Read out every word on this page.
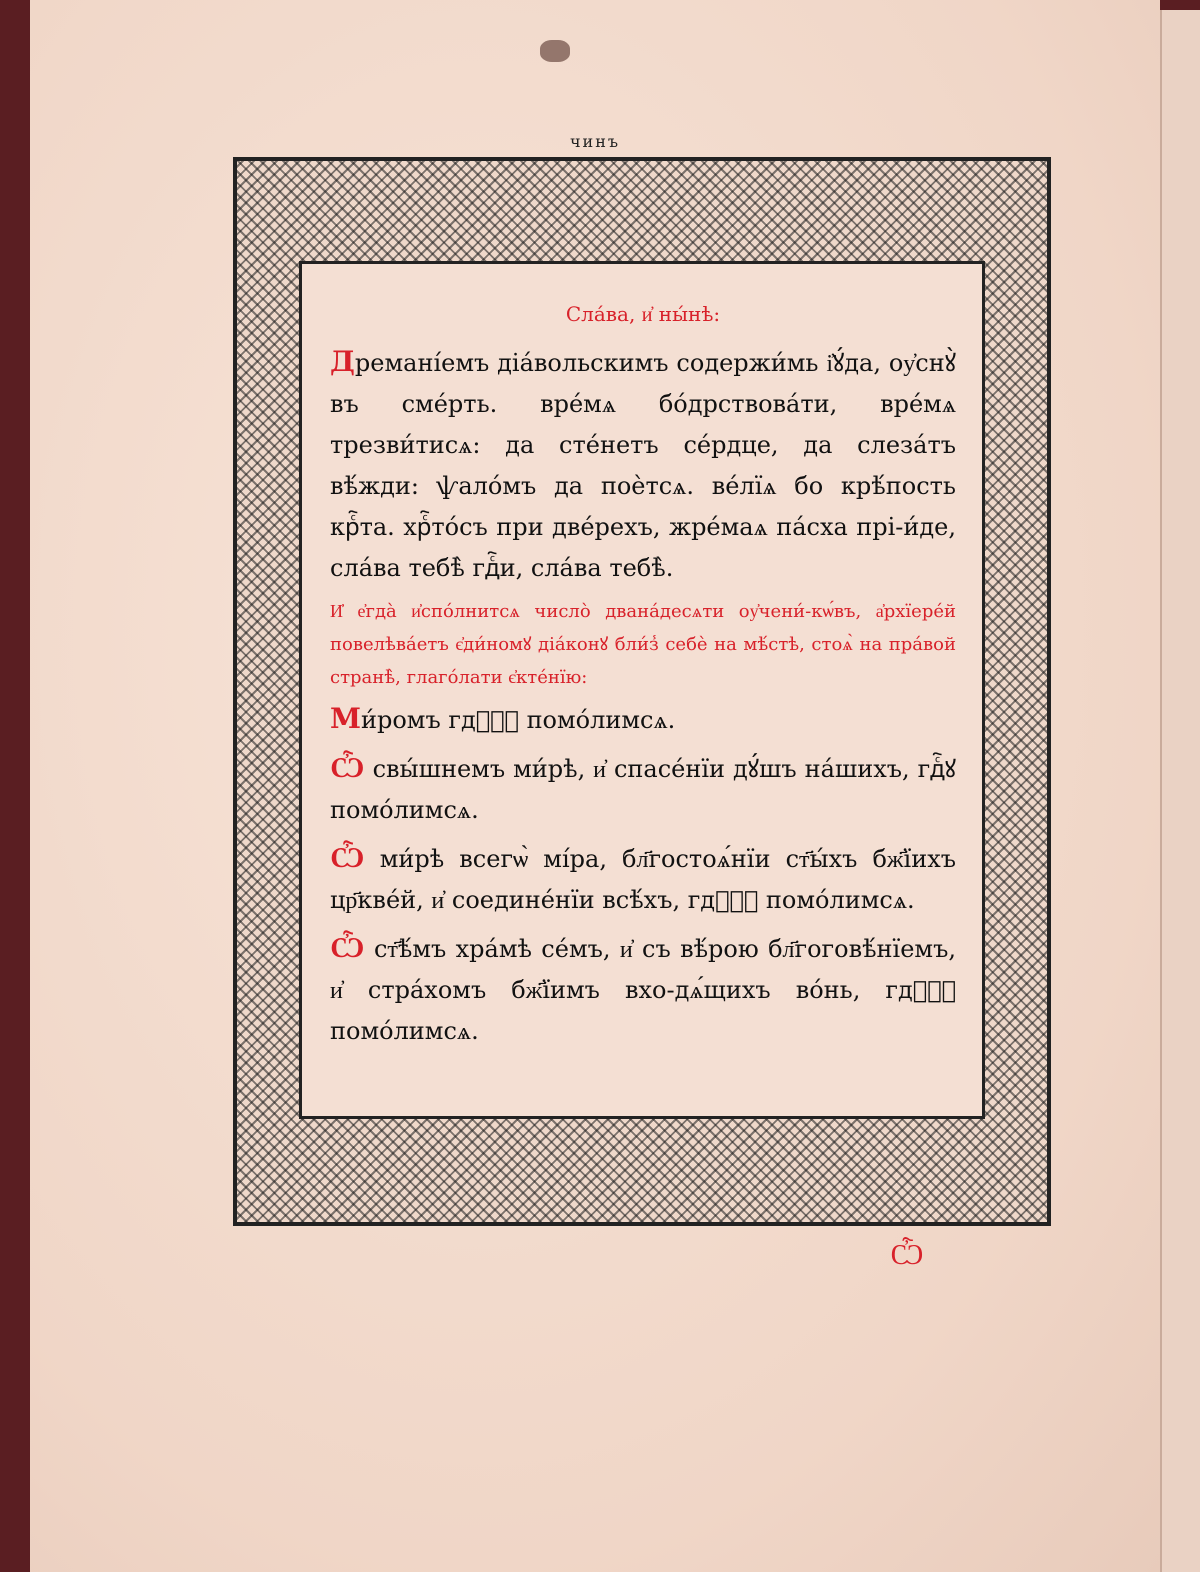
чинъ

Сла́ва, и҆ ны́нѣ:

Дремані́емъ діа́вольскимъ содержи́мь і҆ꙋ́да, оу҆снꙋ̀ въ сме́рть. вре́мѧ бо́дрствова́ти, вре́мѧ трезви́тисѧ: да сте́нетъ се́рдце, да слеза́тъ вѣ́жди: ѱало́мъ да поѐтсѧ. ве́лїѧ бо крѣ́пость крⷭ҇та. хрⷭ҇то́съ при две́рехъ, жре́маѧ па́сха прі-и́де, сла́ва тебѣ̀ гдⷭ҇и, сла́ва тебѣ̀.

И҆ е҆гда̀ и҆спо́лнитсѧ число̀ двана́десѧти оу҆чени́-кѡ́въ, а҆рхїере́й повелѣва́етъ є҆ди́номꙋ діа́конꙋ бли́з̾ себѐ на мѣ́стѣ, стоѧ̀ на пра́вой странѣ̀, глаго́лати є҆кте́нїю:

Ми́ромъ гдⷭ҇ꙋ помо́лимсѧ.

Ѽ свы́шнемъ ми́рѣ, и҆ спасе́нїи дꙋ́шъ на́шихъ, гдⷭ҇ꙋ помо́лимсѧ.

Ѽ ми́рѣ всегѡ̀ мі́ра, бл҃гостоѧ́нїи ст҃ы́хъ бж҃їихъ цр҃кве́й, и҆ соедине́нїи всѣ́хъ, гдⷭ҇ꙋ помо́лимсѧ.

Ѽ ст҃ѣ́мъ хра́мѣ се́мъ, и҆ съ вѣ́рою бл҃гоговѣ́нїемъ, и҆ стра́хомъ бж҃їимъ вхо-дѧ́щихъ во́нь, гдⷭ҇ꙋ помо́лимсѧ.

Ѽ
